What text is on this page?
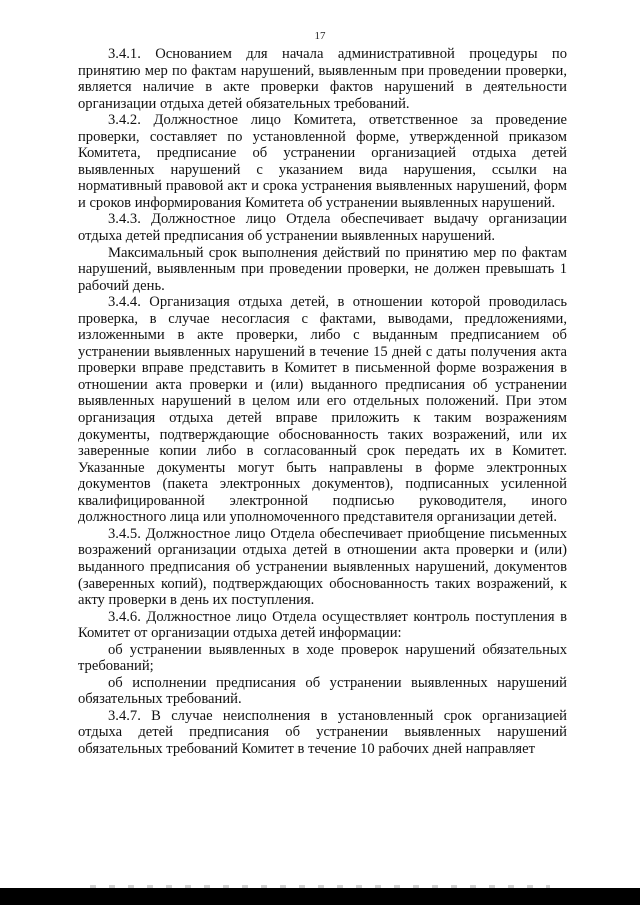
17

3.4.1. Основанием для начала административной процедуры по принятию мер по фактам нарушений, выявленным при проведении проверки, является наличие в акте проверки фактов нарушений в деятельности организации отдыха детей обязательных требований.

3.4.2. Должностное лицо Комитета, ответственное за проведение проверки, составляет по установленной форме, утвержденной приказом Комитета, предписание об устранении организацией отдыха детей выявленных нарушений с указанием вида нарушения, ссылки на нормативный правовой акт и срока устранения выявленных нарушений, форм и сроков информирования Комитета об устранении выявленных нарушений.

3.4.3. Должностное лицо Отдела обеспечивает выдачу организации отдыха детей предписания об устранении выявленных нарушений.

Максимальный срок выполнения действий по принятию мер по фактам нарушений, выявленным при проведении проверки, не должен превышать 1 рабочий день.

3.4.4. Организация отдыха детей, в отношении которой проводилась проверка, в случае несогласия с фактами, выводами, предложениями, изложенными в акте проверки, либо с выданным предписанием об устранении выявленных нарушений в течение 15 дней с даты получения акта проверки вправе представить в Комитет в письменной форме возражения в отношении акта проверки и (или) выданного предписания об устранении выявленных нарушений в целом или его отдельных положений. При этом организация отдыха детей вправе приложить к таким возражениям документы, подтверждающие обоснованность таких возражений, или их заверенные копии либо в согласованный срок передать их в Комитет. Указанные документы могут быть направлены в форме электронных документов (пакета электронных документов), подписанных усиленной квалифицированной электронной подписью руководителя, иного должностного лица или уполномоченного представителя организации детей.

3.4.5. Должностное лицо Отдела обеспечивает приобщение письменных возражений организации отдыха детей в отношении акта проверки и (или) выданного предписания об устранении выявленных нарушений, документов (заверенных копий), подтверждающих обоснованность таких возражений, к акту проверки в день их поступления.

3.4.6. Должностное лицо Отдела осуществляет контроль поступления в Комитет от организации отдыха детей информации:

об устранении выявленных в ходе проверок нарушений обязательных требований;

об исполнении предписания об устранении выявленных нарушений обязательных требований.

3.4.7. В случае неисполнения в установленный срок организацией отдыха детей предписания об устранении выявленных нарушений обязательных требований Комитет в течение 10 рабочих дней направляет
